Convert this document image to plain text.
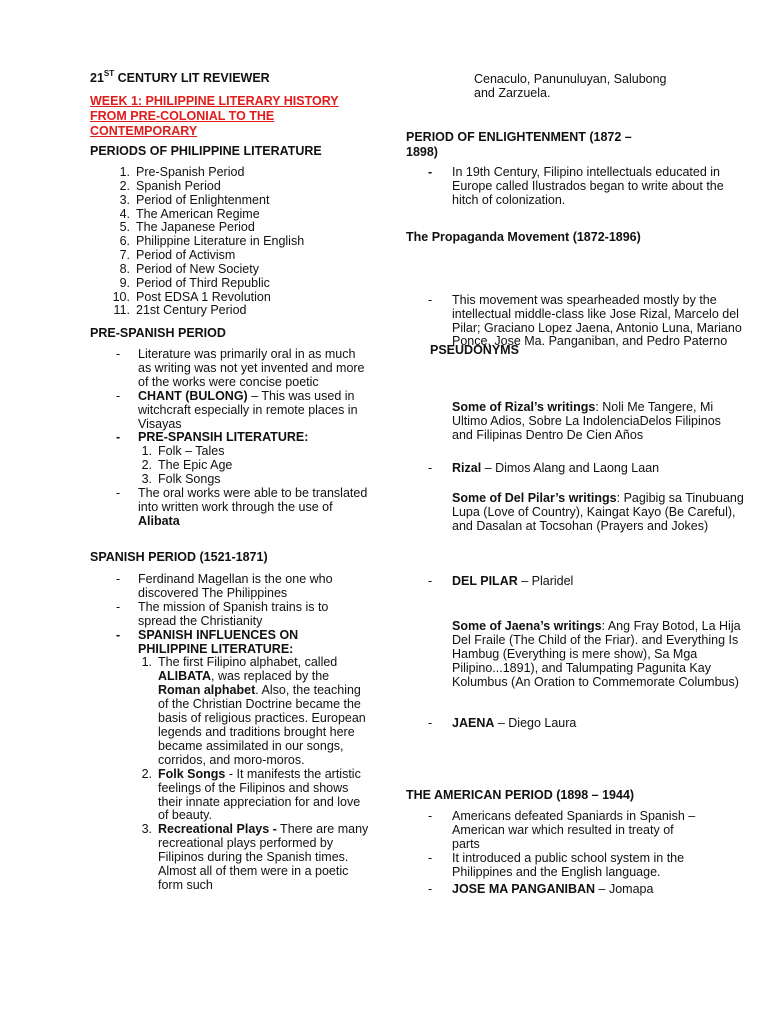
21ST CENTURY LIT REVIEWER
WEEK 1: PHILIPPINE LITERARY HISTORY FROM PRE-COLONIAL TO THE CONTEMPORARY
PERIODS OF PHILIPPINE LITERATURE
1. Pre-Spanish Period
2. Spanish Period
3. Period of Enlightenment
4. The American Regime
5. The Japanese Period
6. Philippine Literature in English
7. Period of Activism
8. Period of New Society
9. Period of Third Republic
10. Post EDSA 1 Revolution
11. 21st Century Period
PRE-SPANISH PERIOD
- Literature was primarily oral in as much as writing was not yet invented and more of the works were concise poetic
- CHANT (BULONG) – This was used in witchcraft especially in remote places in Visayas
- PRE-SPANSIH LITERATURE:
1. Folk – Tales
2. The Epic Age
3. Folk Songs
- The oral works were able to be translated into written work through the use of Alibata
SPANISH PERIOD (1521-1871)
- Ferdinand Magellan is the one who discovered The Philippines
- The mission of Spanish trains is to spread the Christianity
- SPANISH INFLUENCES ON PHILIPPINE LITERATURE:
1. The first Filipino alphabet, called ALIBATA, was replaced by the Roman alphabet. Also, the teaching of the Christian Doctrine became the basis of religious practices. European legends and traditions brought here became assimilated in our songs, corridos, and moro-moros.
2. Folk Songs - It manifests the artistic feelings of the Filipinos and shows their innate appreciation for and love of beauty.
3. Recreational Plays - There are many recreational plays performed by Filipinos during the Spanish times. Almost all of them were in a poetic form such
Cenaculo, Panunuluyan, Salubong and Zarzuela.
PERIOD OF ENLIGHTENMENT (1872 – 1898)
- In 19th Century, Filipino intellectuals educated in Europe called Ilustrados began to write about the hitch of colonization.
The Propaganda Movement (1872-1896)
- This movement was spearheaded mostly by the intellectual middle-class like Jose Rizal, Marcelo del Pilar; Graciano Lopez Jaena, Antonio Luna, Mariano Ponce, Jose Ma. Panganiban, and Pedro Paterno
PSEUDONYMS
- Rizal – Dimos Alang and Laong Laan
Some of Rizal’s writings: Noli Me Tangere, Mi Ultimo Adios, Sobre La IndolenciaDelos Filipinos and Filipinas Dentro De Cien Años
- DEL PILAR – Plaridel
Some of Del Pilar’s writings: Pagibig sa Tinubuang Lupa (Love of Country), Kaingat Kayo (Be Careful), and Dasalan at Tocsohan (Prayers and Jokes)
- JAENA – Diego Laura
Some of Jaena’s writings: Ang Fray Botod, La Hija Del Fraile (The Child of the Friar). and Everything Is Hambug (Everything is mere show), Sa Mga Pilipino...1891), and Talumpating Pagunita Kay Kolumbus (An Oration to Commemorate Columbus)
- JOSE MA PANGANIBAN – Jomapa
THE AMERICAN PERIOD (1898 – 1944)
- Americans defeated Spaniards in Spanish – American war which resulted in treaty of parts
- It introduced a public school system in the Philippines and the English language.
